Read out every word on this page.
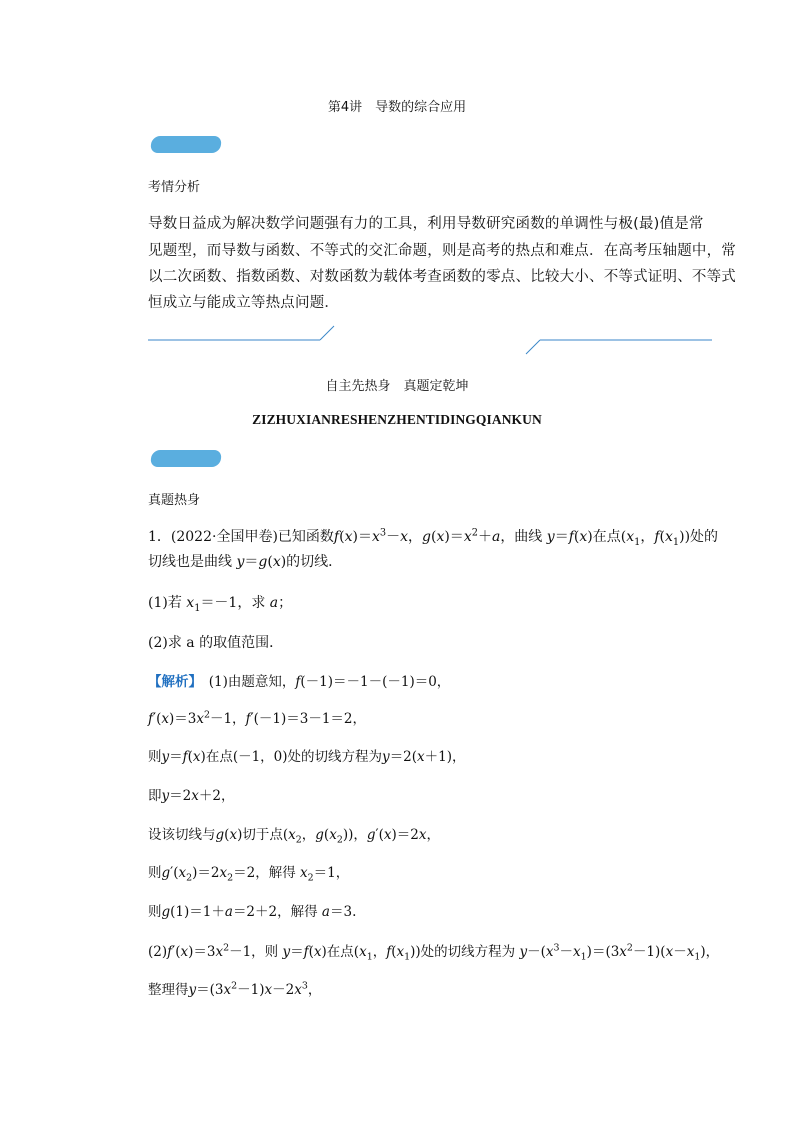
第4讲　导数的综合应用
考情分析
导数日益成为解决数学问题强有力的工具，利用导数研究函数的单调性与极(最)值是常
见题型，而导数与函数、不等式的交汇命题，则是高考的热点和难点．在高考压轴题中，常
以二次函数、指数函数、对数函数为载体考查函数的零点、比较大小、不等式证明、不等式
恒成立与能成立等热点问题．
自主先热身　真题定乾坤
ZIZHUXIANRESHENZHENTIDINGQIANKUN
真题热身
1．(2022·全国甲卷)已知函数$f(x)=x^3-x$，$g(x)=x^2+a$，曲线 y＝f(x)在点($x_1$，$f(x_1)$)处的
切线也是曲线 y＝g(x)的切线．
(1)若 $x_1=-1$，求 a；
(2)求 a 的取值范围．
【解析】　 (1)由题意知，f(－1)＝－1－(－1)＝0，
$f'(x)=3x^2-1$，f′(－1)＝3－1＝2，
则y＝f(x)在点(－1，0)处的切线方程为y＝2(x＋1)，
即y＝2x＋2，
设该切线与g(x)切于点($x_2$，$g(x_2)$)，g′(x)＝2x，
则$g'(x_2)=2x_2=2$，解得 $x_2=1$，
则g(1)＝1＋a＝2＋2，解得 a＝3.
$(2)f'(x)=3x^2-1$，则 y＝f(x)在点($x_1$，$f(x_1)$)处的切线方程为 $y-(x^3-x_1)=(3x^2-1)(x-x_1)$，
整理得$y=(3x^2-1)x-2x^3$，
